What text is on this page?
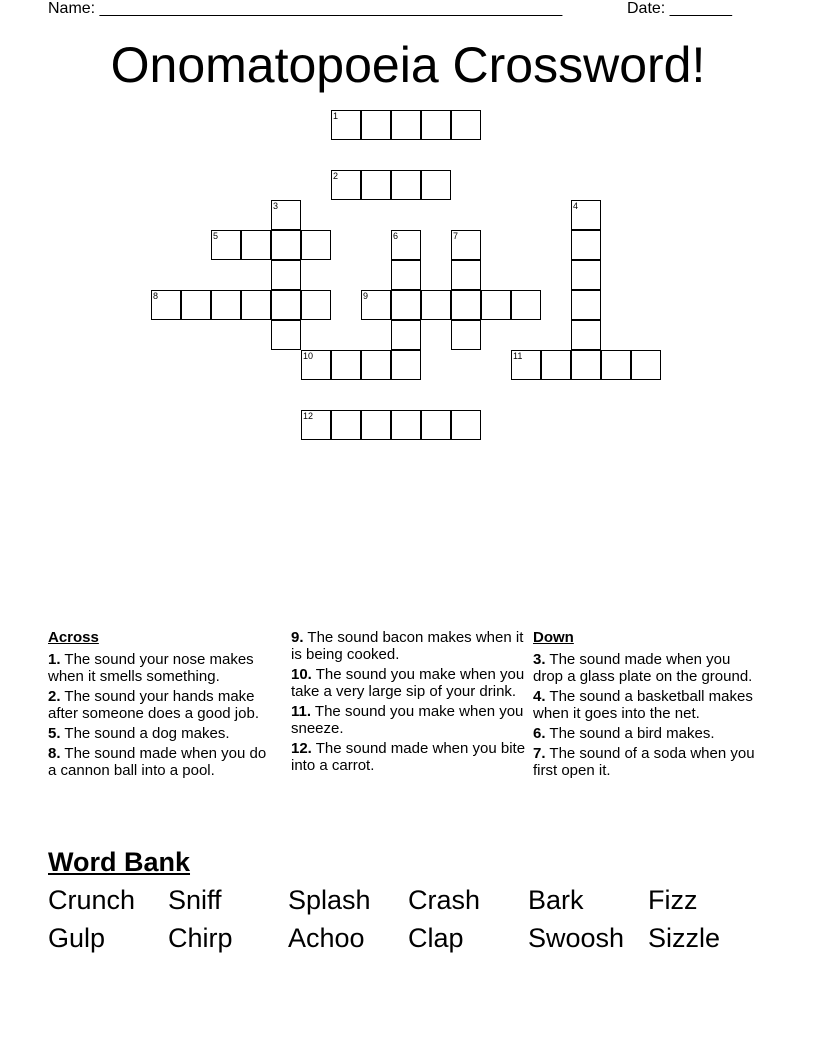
Name: ____________________________________________________	Date: _______
Onomatopoeia Crossword!
1
2
3	4
5	6	7
8	9
10	11
12
Across
1. The sound your nose makes when it smells something.
2. The sound your hands make after someone does a good job.
5. The sound a dog makes.
8. The sound made when you do a cannon ball into a pool.
9. The sound bacon makes when it is being cooked.
10. The sound you make when you take a very large sip of your drink.
11. The sound you make when you sneeze.
12. The sound made when you bite into a carrot.
Down
3. The sound made when you drop a glass plate on the ground.
4. The sound a basketball makes when it goes into the net.
6. The sound a bird makes.
7. The sound of a soda when you first open it.
Word Bank
Crunch Sniff Splash Crash Bark Fizz
Gulp Chirp Achoo Clap Swoosh Sizzle
